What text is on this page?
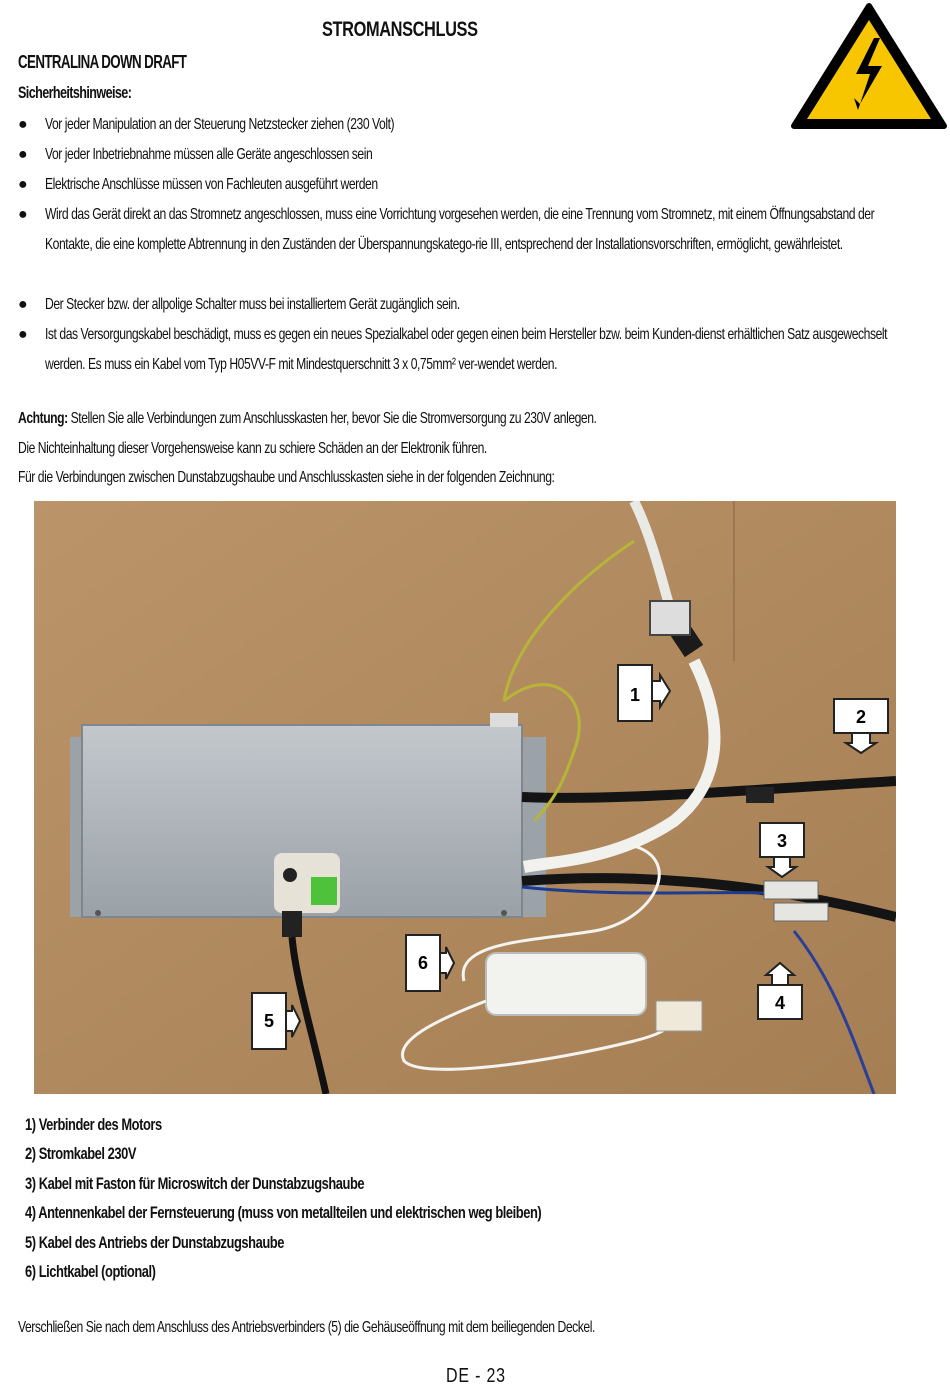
STROMANSCHLUSS
CENTRALINA DOWN DRAFT
Sicherheitshinweise:
● Vor jeder Manipulation an der Steuerung Netzstecker ziehen (230 Volt)
● Vor jeder Inbetriebnahme müssen alle Geräte angeschlossen sein
● Elektrische Anschlüsse müssen von Fachleuten ausgeführt werden
● Wird das Gerät direkt an das Stromnetz angeschlossen, muss eine Vorrichtung vorgesehen werden, die eine Trennung vom Stromnetz, mit einem Öffnungsabstand der Kontakte, die eine komplette Abtrennung in den Zuständen der Überspannungskatego-rie III, entsprechend der Installationsvorschriften, ermöglicht, gewährleistet.
● Der Stecker bzw. der allpolige Schalter muss bei installiertem Gerät zugänglich sein.
● Ist das Versorgungskabel beschädigt, muss es gegen ein neues Spezialkabel oder gegen einen beim Hersteller bzw. beim Kunden-dienst erhältlichen Satz ausgewechselt werden. Es muss ein Kabel vom Typ H05VV-F mit Mindestquerschnitt 3 x 0,75mm² ver-wendet werden.
Achtung: Stellen Sie alle Verbindungen zum Anschlusskasten her, bevor Sie die Stromversorgung zu 230V anlegen.
Die Nichteinhaltung dieser Vorgehensweise kann zu schiere Schäden an der Elektronik führen.
Für die Verbindungen zwischen Dunstabzugshaube und Anschlusskasten siehe in der folgenden Zeichnung:
1
2
3
4
5
6
1) Verbinder des Motors
2) Stromkabel 230V
3) Kabel mit Faston für Microswitch der Dunstabzugshaube
4) Antennenkabel der Fernsteuerung (muss von metallteilen und elektrischen weg bleiben)
5) Kabel des Antriebs der Dunstabzugshaube
6) Lichtkabel (optional)
Verschließen Sie nach dem Anschluss des Antriebsverbinders (5) die Gehäuseöffnung mit dem beiliegenden Deckel.
DE - 23
